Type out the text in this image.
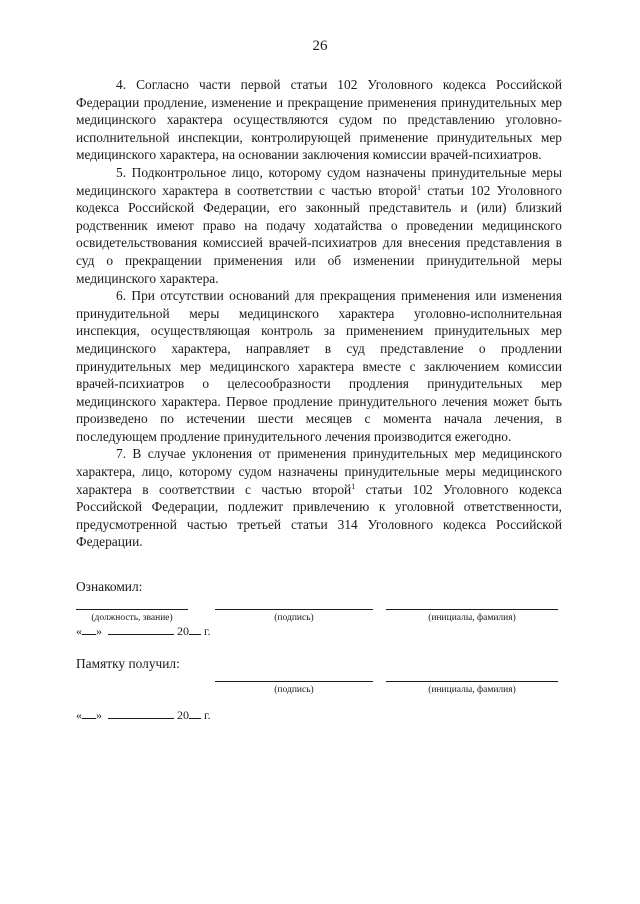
26

4. Согласно части первой статьи 102 Уголовного кодекса Российской Федерации продление, изменение и прекращение применения принудительных мер медицинского характера осуществляются судом по представлению уголовно-исполнительной инспекции, контролирующей применение принудительных мер медицинского характера, на основании заключения комиссии врачей-психиатров.

5. Подконтрольное лицо, которому судом назначены принудительные меры медицинского характера в соответствии с частью второй$^1$ статьи 102 Уголовного кодекса Российской Федерации, его законный представитель и (или) близкий родственник имеют право на подачу ходатайства о проведении медицинского освидетельствования комиссией врачей-психиатров для внесения представления в суд о прекращении применения или об изменении принудительной меры медицинского характера.

6. При отсутствии оснований для прекращения применения или изменения принудительной меры медицинского характера уголовно-исполнительная инспекция, осуществляющая контроль за применением принудительных мер медицинского характера, направляет в суд представление о продлении принудительных мер медицинского характера вместе с заключением комиссии врачей-психиатров о целесообразности продления принудительных мер медицинского характера. Первое продление принудительного лечения может быть произведено по истечении шести месяцев с момента начала лечения, в последующем продление принудительного лечения производится ежегодно.

7. В случае уклонения от применения принудительных мер медицинского характера, лицо, которому судом назначены принудительные меры медицинского характера в соответствии с частью второй$^1$ статьи 102 Уголовного кодекса Российской Федерации, подлежит привлечению к уголовной ответственности, предусмотренной частью третьей статьи 314 Уголовного кодекса Российской Федерации.

Ознакомил:
(должность, звание)	(подпись)	(инициалы, фамилия)
« »	20 г.
Памятку получил:
(подпись)	(инициалы, фамилия)
« »	20 г.
